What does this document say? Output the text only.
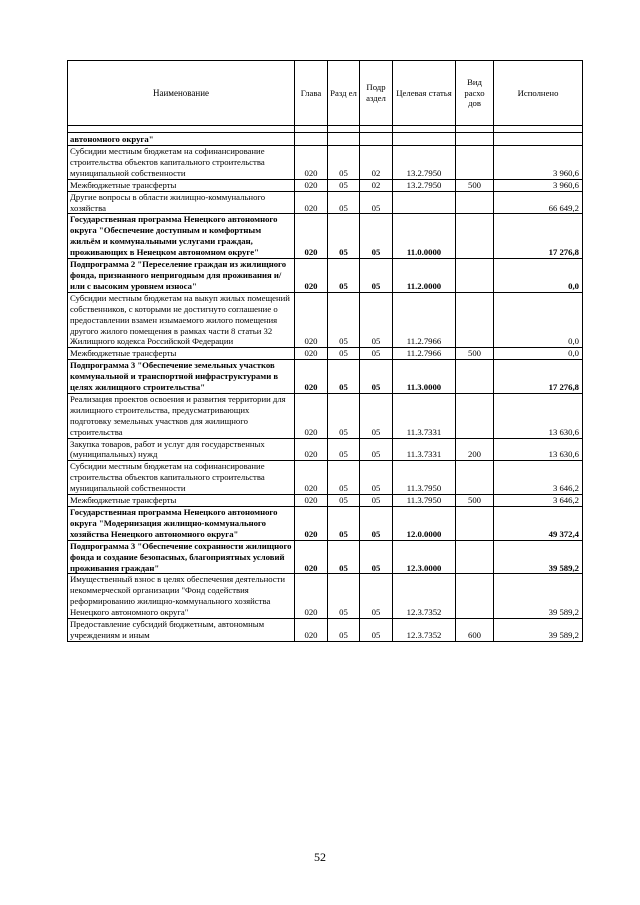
Наименование	Глава	Разд ел	Подр аздел	Целевая статья	Вид расхо дов	Исполнено

автономного округа"						
Субсидии местным бюджетам на софинансирование строительства объектов капитального строительства муниципальной собственности	020	05	02	13.2.7950		3 960,6
Межбюджетные трансферты	020	05	02	13.2.7950	500	3 960,6
Другие вопросы в области жилищно-коммунального хозяйства	020	05	05			66 649,2
Государственная программа Ненецкого автономного округа "Обеспечение доступным и комфортным жильём и коммунальными услугами граждан, проживающих в Ненецком автономном округе"	020	05	05	11.0.0000		17 276,8
Подпрограмма 2 "Переселение граждан из жилищного фонда, признанного непригодным для проживания и/или с высоким уровнем износа"	020	05	05	11.2.0000		0,0
Субсидии местным бюджетам на выкуп жилых помещений собственников, с которыми не достигнуто соглашение о предоставлении взамен изымаемого жилого помещения другого жилого помещения в рамках части 8 статьи 32 Жилищного кодекса Российской Федерации	020	05	05	11.2.7966		0,0
Межбюджетные трансферты	020	05	05	11.2.7966	500	0,0
Подпрограмма 3 "Обеспечение земельных участков коммунальной и транспортной инфраструктурами в целях жилищного строительства"	020	05	05	11.3.0000		17 276,8
Реализация проектов освоения и развития территории для жилищного строительства, предусматривающих подготовку земельных участков для жилищного строительства	020	05	05	11.3.7331		13 630,6
Закупка товаров, работ и услуг для государственных (муниципальных) нужд	020	05	05	11.3.7331	200	13 630,6
Субсидии местным бюджетам на софинансирование строительства объектов капитального строительства муниципальной собственности	020	05	05	11.3.7950		3 646,2
Межбюджетные трансферты	020	05	05	11.3.7950	500	3 646,2
Государственная программа Ненецкого автономного округа "Модернизация жилищно-коммунального хозяйства Ненецкого автономного округа"	020	05	05	12.0.0000		49 372,4
Подпрограмма 3 "Обеспечение сохранности жилищного фонда и создание безопасных, благоприятных условий проживания граждан"	020	05	05	12.3.0000		39 589,2
Имущественный взнос в целях обеспечения деятельности некоммерческой организации "Фонд содействия реформированию жилищно-коммунального хозяйства Ненецкого автономного округа"	020	05	05	12.3.7352		39 589,2
Предоставление субсидий бюджетным, автономным учреждениям и иным	020	05	05	12.3.7352	600	39 589,2
52
